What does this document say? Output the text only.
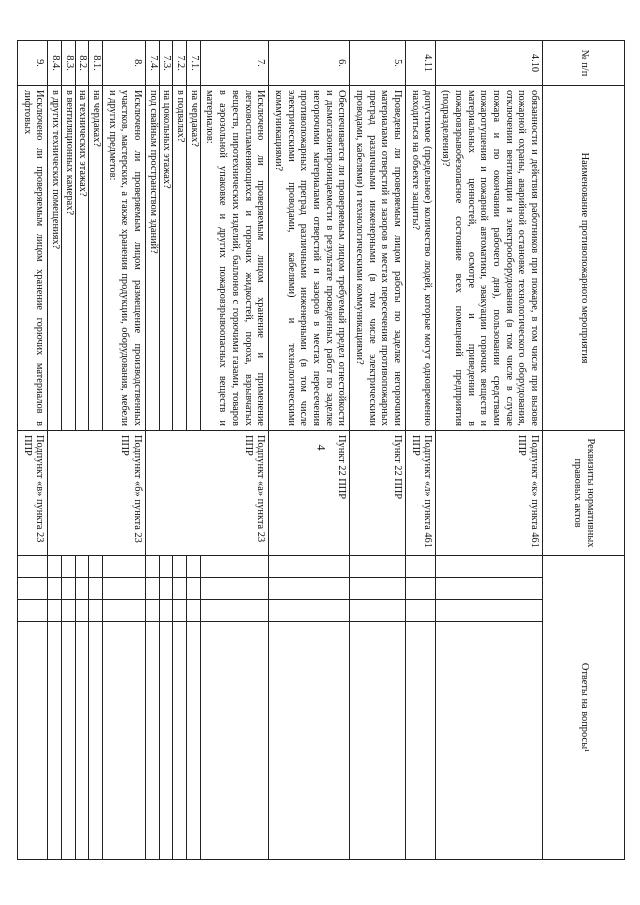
4
№ п/п	Наименование противопожарного мероприятия	Реквизиты нормативных правовых актов	Ответы на вопросы¹			
4.10	обязанности и действия работников при пожаре, в том числе при вызове пожарной охраны, аварийной остановке технологического оборудования, отключении вентиляции и электрооборудования (в том числе в случае пожара и по окончании рабочего дня), пользовании средствами пожаротушения и пожарной автоматики, эвакуации горючих веществ и материальных ценностей, осмотре и приведении в пожаровзрывобезопасное состояние всех помещений предприятия (подразделения)?	Подпункт «к» пункта 461 ППР				
4.11	допустимое (предельное) количество людей, которые могут одновременно находиться на объекте защиты?	Подпункт «л» пункта 461 ППР				
5.	Проведены ли проверяемым лицом работы по заделке негорючими материалами отверстий и зазоров в местах пересечения противопожарных преград различными инженерными (в том числе электрическими проводами, кабелями) и технологическими коммуникациями?	Пункт 22 ППР				
6.	Обеспечивается ли проверяемым лицом требуемый предел огнестойкости и дымогазонепроницаемости в результате проведенных работ по заделке негорючими материалами отверстий и зазоров в местах пересечения противопожарных преград различными инженерными (в том числе электрическими проводами, кабелями) и технологическими коммуникациями?	Пункт 22 ППР				
7.	Исключено ли проверяемым лицом хранение и применение легковоспламеняющихся и горючих жидкостей, пороха, взрывчатых веществ, пиротехнических изделий, баллонов с горючими газами, товаров в аэрозольной упаковке и других пожаровзрывоопасных веществ и материалов:	Подпункт «а» пункта 23 ППР				
7.1.	на чердаках?					
7.2.	в подвалах?					
7.3.	на цокольных этажах?					
7.4.	под свайным пространством зданий?					
8.	Исключено ли проверяемым лицом размещение производственных участков, мастерских, а также хранения продукции, оборудования, мебели и других предметов:	Подпункт «б» пункта 23 ППР				
8.1.	на чердаках?					
8.2.	на технических этажах?					
8.3.	в вентиляционных камерах?					
8.4.	в других технических помещениях?					
9.	Исключено ли проверяемым лицом хранение горючих материалов в лифтовых	Подпункт «в» пункта 23 ППР				
